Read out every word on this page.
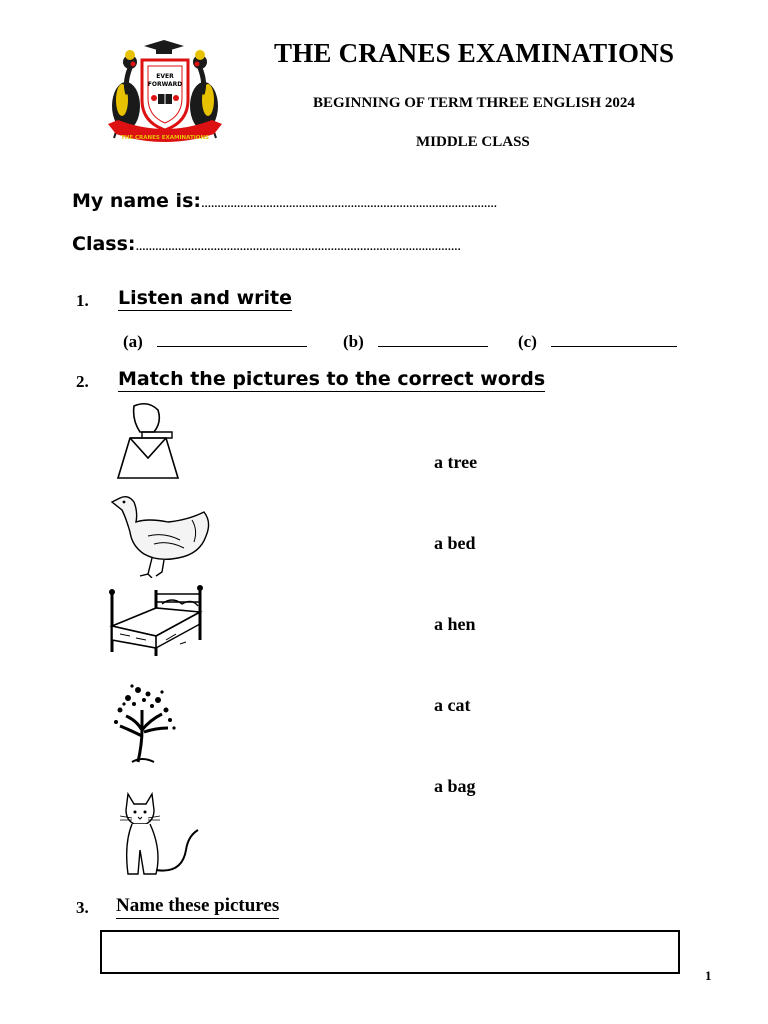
EVER
FORWARD
THE CRANES EXAMINATIONS
THE CRANES EXAMINATIONS
BEGINNING OF TERM THREE ENGLISH 2024
MIDDLE CLASS
My name is:...........................................................................................
Class:....................................................................................................
1. Listen and write
(a)	(b)	(c)
2. Match the pictures to the correct words
a tree
a bed
a hen
a cat
a bag
3. Name these pictures
1
